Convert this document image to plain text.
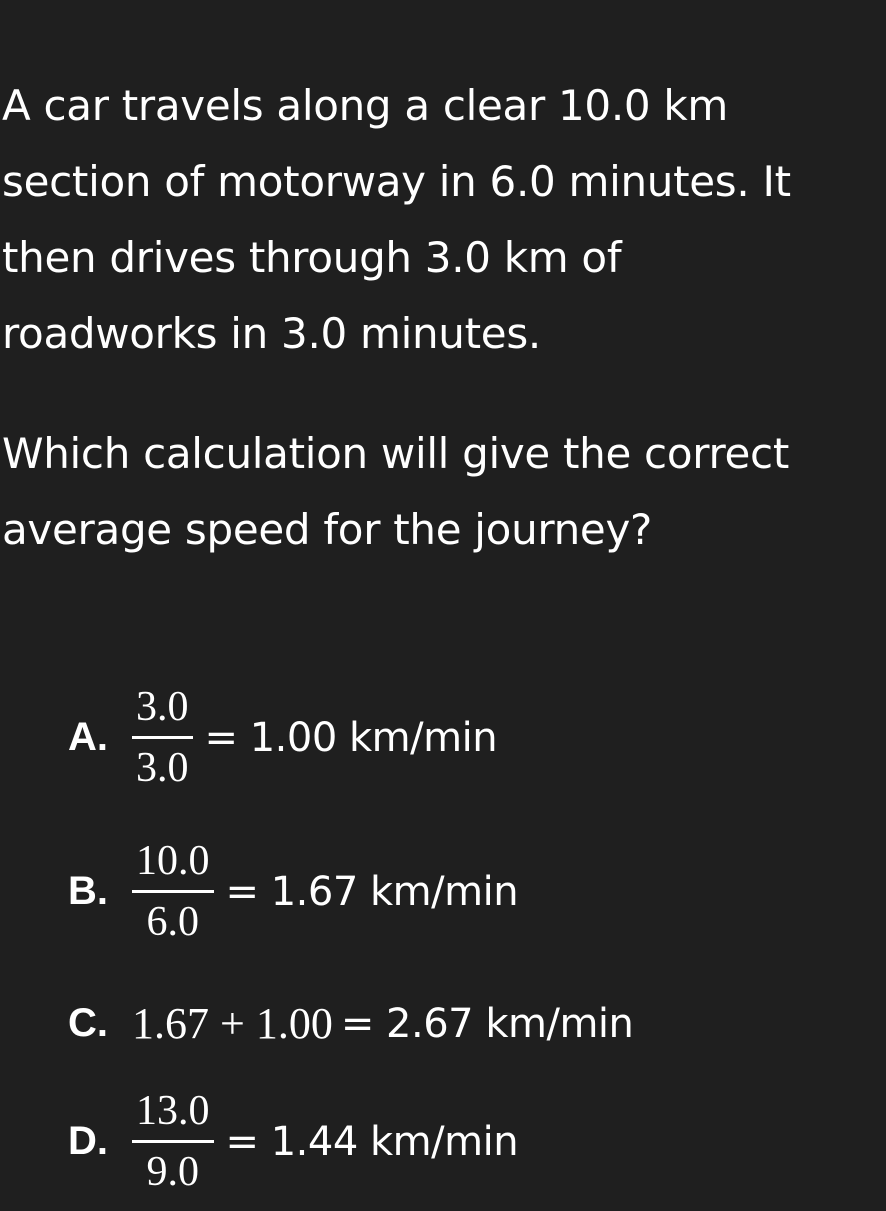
A car travels along a clear 10.0 km
section of motorway in 6.0 minutes. It
then drives through 3.0 km of
roadworks in 3.0 minutes.
Which calculation will give the correct
average speed for the journey?
A. $\frac{3.0}{3.0} = 1.00$ km/min
B. $\frac{10.0}{6.0} = 1.67$ km/min
C. 1.67 + 1.00 = 2.67 km/min
D. $\frac{13.0}{9.0} = 1.44$ km/min
